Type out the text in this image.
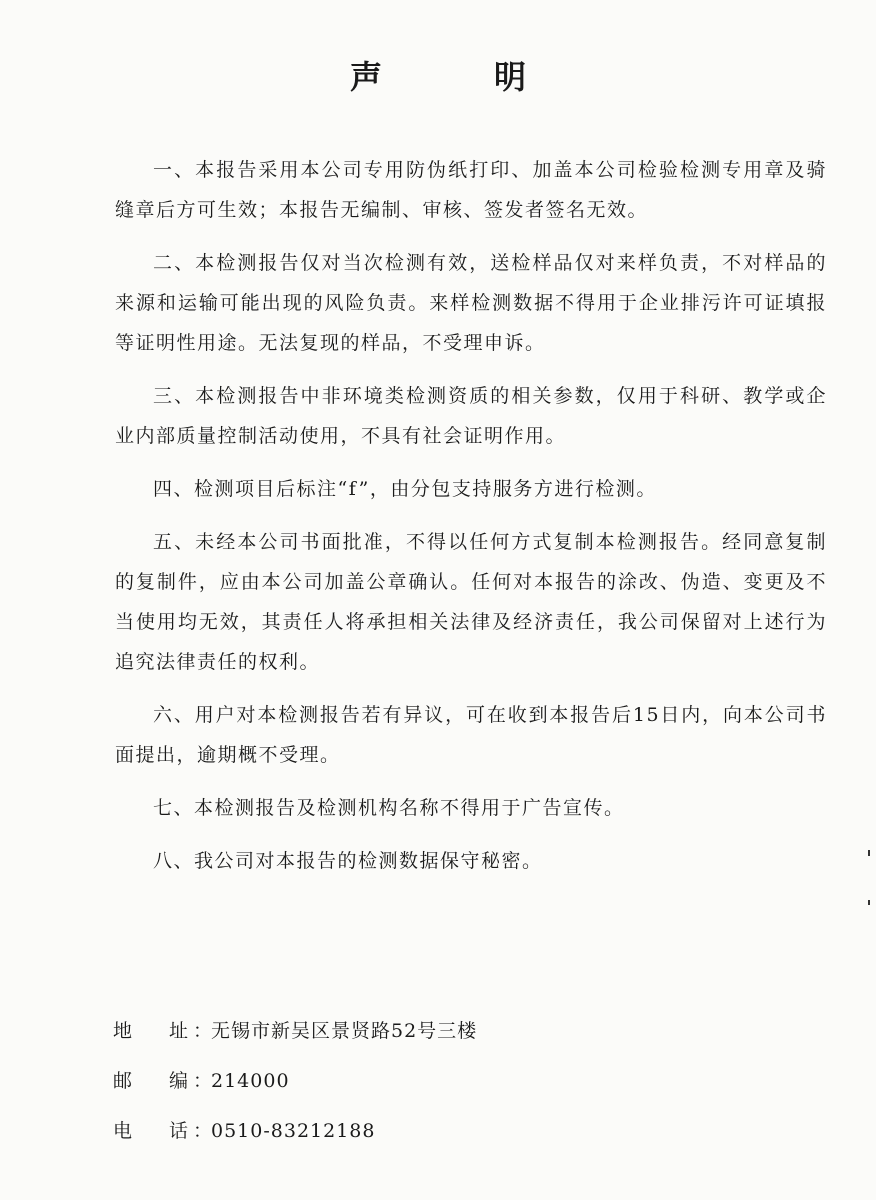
声	明

一、本报告采用本公司专用防伪纸打印、加盖本公司检验检测专用章及骑缝章后方可生效；本报告无编制、审核、签发者签名无效。

二、本检测报告仅对当次检测有效，送检样品仅对来样负责，不对样品的来源和运输可能出现的风险负责。来样检测数据不得用于企业排污许可证填报等证明性用途。无法复现的样品，不受理申诉。

三、本检测报告中非环境类检测资质的相关参数，仅用于科研、教学或企业内部质量控制活动使用，不具有社会证明作用。

四、检测项目后标注“f”，由分包支持服务方进行检测。

五、未经本公司书面批准，不得以任何方式复制本检测报告。经同意复制的复制件，应由本公司加盖公章确认。任何对本报告的涂改、伪造、变更及不当使用均无效，其责任人将承担相关法律及经济责任，我公司保留对上述行为追究法律责任的权利。

六、用户对本检测报告若有异议，可在收到本报告后15日内，向本公司书面提出，逾期概不受理。

七、本检测报告及检测机构名称不得用于广告宣传。

八、我公司对本报告的检测数据保守秘密。

地	址 ：
无锡市新吴区景贤路52号三楼
邮	编 ：
214000
电	话 ：
0510-83212188
